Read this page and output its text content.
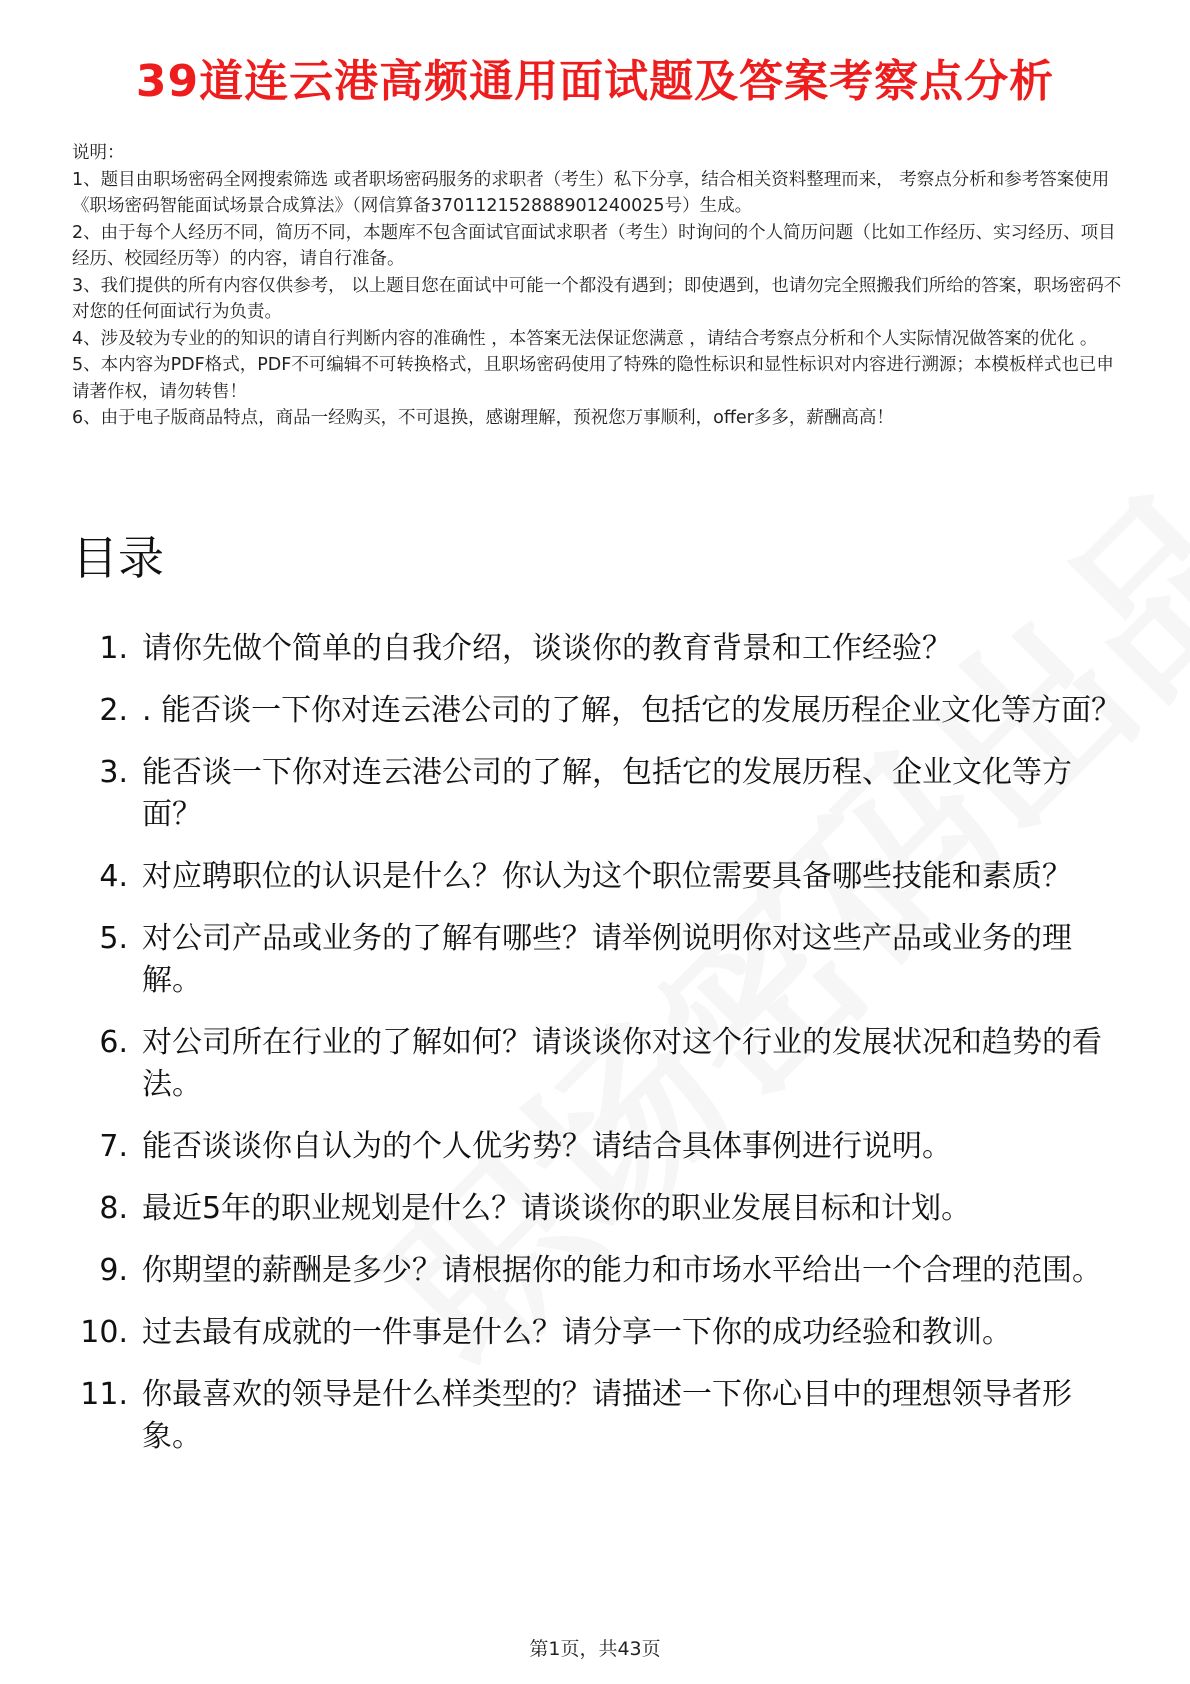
39道连云港高频通用面试题及答案考察点分析

说明：

1、题目由职场密码全网搜索筛选 或者职场密码服务的求职者（考生）私下分享，结合相关资料整理而来， 考察点分析和参考答案使用《职场密码智能面试场景合成算法》（网信算备370112152888901240025号）生成。

2、由于每个人经历不同，简历不同，本题库不包含面试官面试求职者（考生）时询问的个人简历问题（比如工作经历、实习经历、项目经历、校园经历等）的内容，请自行准备。

3、我们提供的所有内容仅供参考， 以上题目您在面试中可能一个都没有遇到；即使遇到，也请勿完全照搬我们所给的答案，职场密码不对您的任何面试行为负责。

4、涉及较为专业的的知识的请自行判断内容的准确性 ，本答案无法保证您满意 ，请结合考察点分析和个人实际情况做答案的优化 。

5、本内容为PDF格式，PDF不可编辑不可转换格式，且职场密码使用了特殊的隐性标识和显性标识对内容进行溯源；本模板样式也已申请著作权，请勿转售！

6、由于电子版商品特点，商品一经购买，不可退换，感谢理解，预祝您万事顺利，offer多多，薪酬高高！

目录
1. 请你先做个简单的自我介绍，谈谈你的教育背景和工作经验？
2. . 能否谈一下你对连云港公司的了解，包括它的发展历程企业文化等方面？
3. 能否谈一下你对连云港公司的了解，包括它的发展历程、企业文化等方面？
4. 对应聘职位的认识是什么？你认为这个职位需要具备哪些技能和素质？
5. 对公司产品或业务的了解有哪些？请举例说明你对这些产品或业务的理解。
6. 对公司所在行业的了解如何？请谈谈你对这个行业的发展状况和趋势的看法。
7. 能否谈谈你自认为的个人优劣势？请结合具体事例进行说明。
8. 最近5年的职业规划是什么？请谈谈你的职业发展目标和计划。
9. 你期望的薪酬是多少？请根据你的能力和市场水平给出一个合理的范围。
10. 过去最有成就的一件事是什么？请分享一下你的成功经验和教训。
11. 你最喜欢的领导是什么样类型的？请描述一下你心目中的理想领导者形象。
第1页，共43页
